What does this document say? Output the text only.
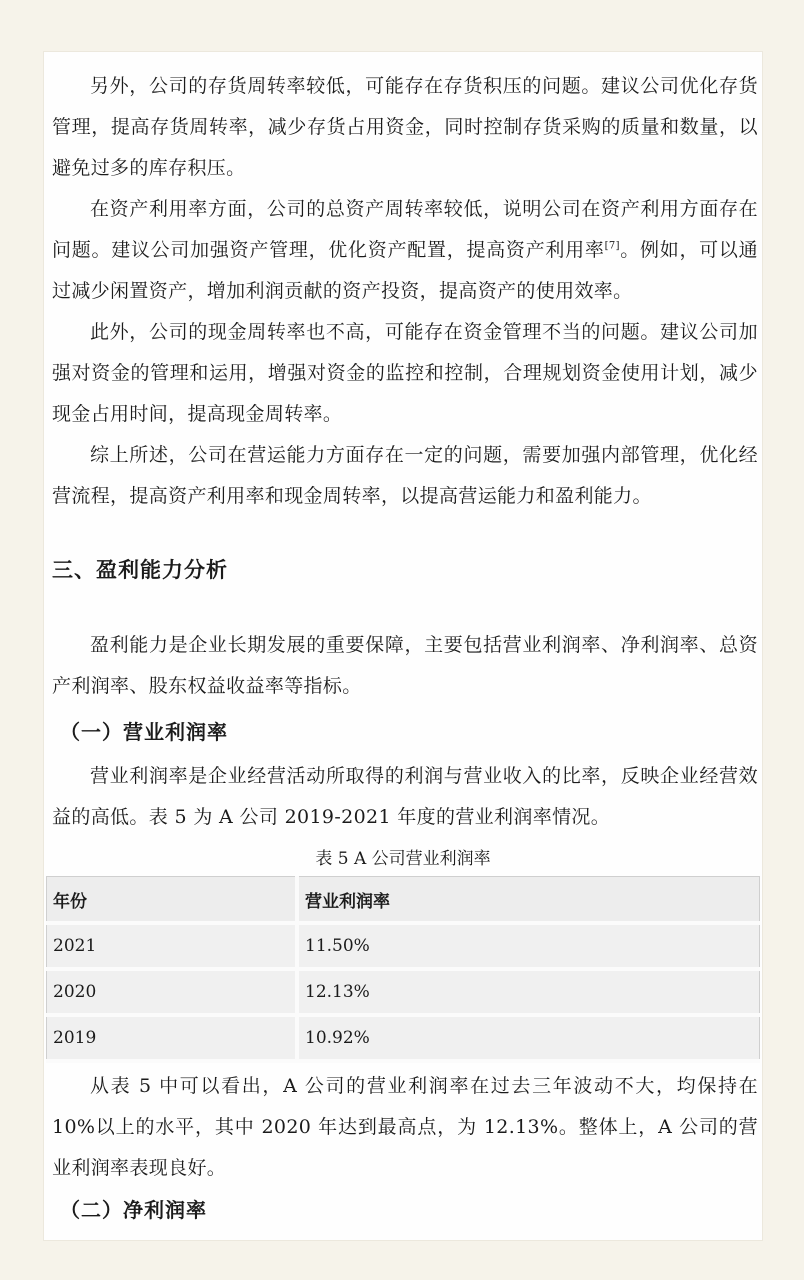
另外，公司的存货周转率较低，可能存在存货积压的问题。建议公司优化存货管理，提高存货周转率，减少存货占用资金，同时控制存货采购的质量和数量，以避免过多的库存积压。

在资产利用率方面，公司的总资产周转率较低，说明公司在资产利用方面存在问题。建议公司加强资产管理，优化资产配置，提高资产利用率[7]。例如，可以通过减少闲置资产，增加利润贡献的资产投资，提高资产的使用效率。

此外，公司的现金周转率也不高，可能存在资金管理不当的问题。建议公司加强对资金的管理和运用，增强对资金的监控和控制，合理规划资金使用计划，减少现金占用时间，提高现金周转率。

综上所述，公司在营运能力方面存在一定的问题，需要加强内部管理，优化经营流程，提高资产利用率和现金周转率，以提高营运能力和盈利能力。

三、盈利能力分析

盈利能力是企业长期发展的重要保障，主要包括营业利润率、净利润率、总资产利润率、股东权益收益率等指标。

（一）营业利润率

营业利润率是企业经营活动所取得的利润与营业收入的比率，反映企业经营效益的高低。表 5 为 A 公司 2019-2021 年度的营业利润率情况。

表 5 A 公司营业利润率

年份	营业利润率
2021	11.50%
2020	12.13%
2019	10.92%

从表 5 中可以看出，A 公司的营业利润率在过去三年波动不大，均保持在 10%以上的水平，其中 2020 年达到最高点，为 12.13%。整体上，A 公司的营业利润率表现良好。

（二）净利润率
